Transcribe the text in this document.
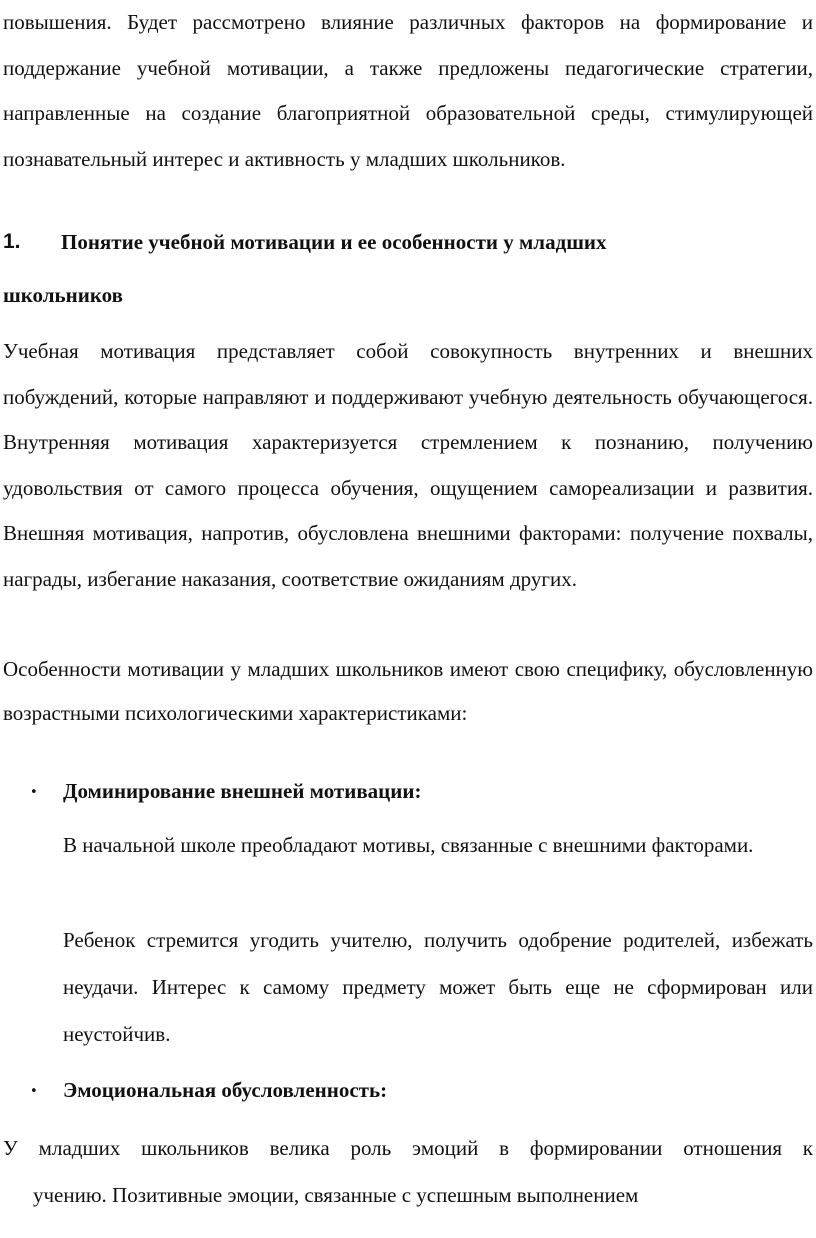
повышения. Будет рассмотрено влияние различных факторов на формирование и поддержание учебной мотивации, а также предложены педагогические стратегии, направленные на создание благоприятной образовательной среды, стимулирующей познавательный интерес и активность у младших школьников.

1. Понятие учебной мотивации и ее особенности у младших
школьников

Учебная мотивация представляет собой совокупность внутренних и внешних побуждений, которые направляют и поддерживают учебную деятельность обучающегося. Внутренняя мотивация характеризуется стремлением к познанию, получению удовольствия от самого процесса обучения, ощущением самореализации и развития. Внешняя мотивация, напротив, обусловлена внешними факторами: получение похвалы, награды, избегание наказания, соответствие ожиданиям других.

Особенности мотивации у младших школьников имеют свою специфику, обусловленную возрастными психологическими характеристиками:

• Доминирование внешней мотивации:

В начальной школе преобладают мотивы, связанные с внешними факторами.

Ребенок стремится угодить учителю, получить одобрение родителей, избежать неудачи. Интерес к самому предмету может быть еще не сформирован или неустойчив.

• Эмоциональная обусловленность:

У младших школьников велика роль эмоций в формировании отношения к
учению. Позитивные эмоции, связанные с успешным выполнением
